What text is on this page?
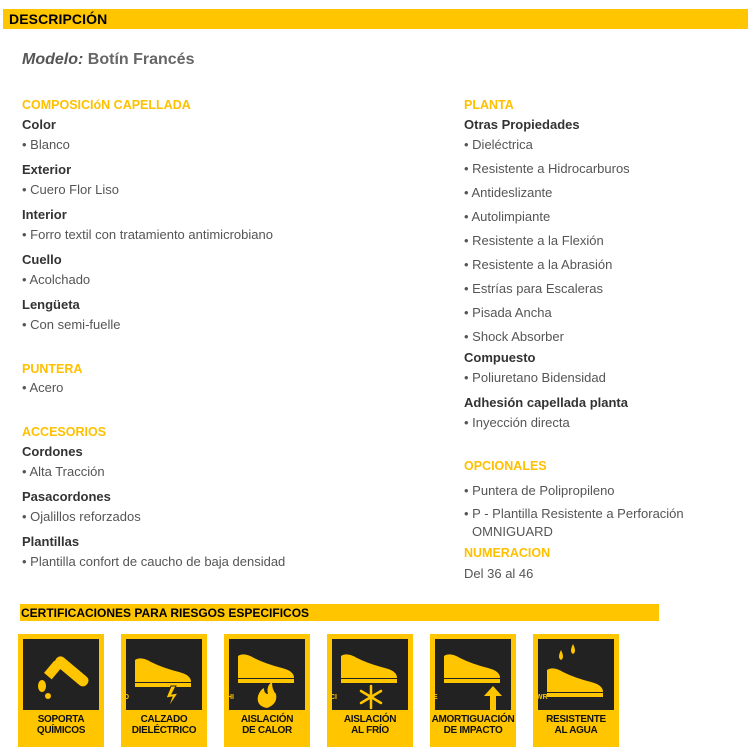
DESCRIPCIÓN
Modelo: Botín Francés
COMPOSICIóN CAPELLADA
Color
• Blanco
Exterior
• Cuero Flor Liso
Interior
• Forro textil con tratamiento antimicrobiano
Cuello
• Acolchado
Lengüeta
• Con semi-fuelle
PUNTERA
• Acero
ACCESORIOS
Cordones
• Alta Tracción
Pasacordones
• Ojalillos reforzados
Plantillas
• Plantilla confort de caucho de baja densidad
PLANTA
Otras Propiedades
• Dieléctrica
• Resistente a Hidrocarburos
• Antideslizante
• Autolimpiante
• Resistente a la Flexión
• Resistente a la Abrasión
• Estrías para Escaleras
• Pisada Ancha
• Shock Absorber
Compuesto
• Poliuretano Bidensidad
Adhesión capellada planta
• Inyección directa
OPCIONALES
• Puntera de Polipropileno
• P - Plantilla Resistente a Perforación
OMNIGUARD
NUMERACION
Del 36 al 46
CERTIFICACIONES PARA RIESGOS ESPECIFICOS
SOPORTA
QUÍMICOS
D
CALZADO
DIELÉCTRICO
HI
AISLACIÓN
DE CALOR
CI
AISLACIÓN
AL FRÍO
E
AMORTIGUACIÓN
DE IMPACTO
WR
RESISTENTE
AL AGUA
